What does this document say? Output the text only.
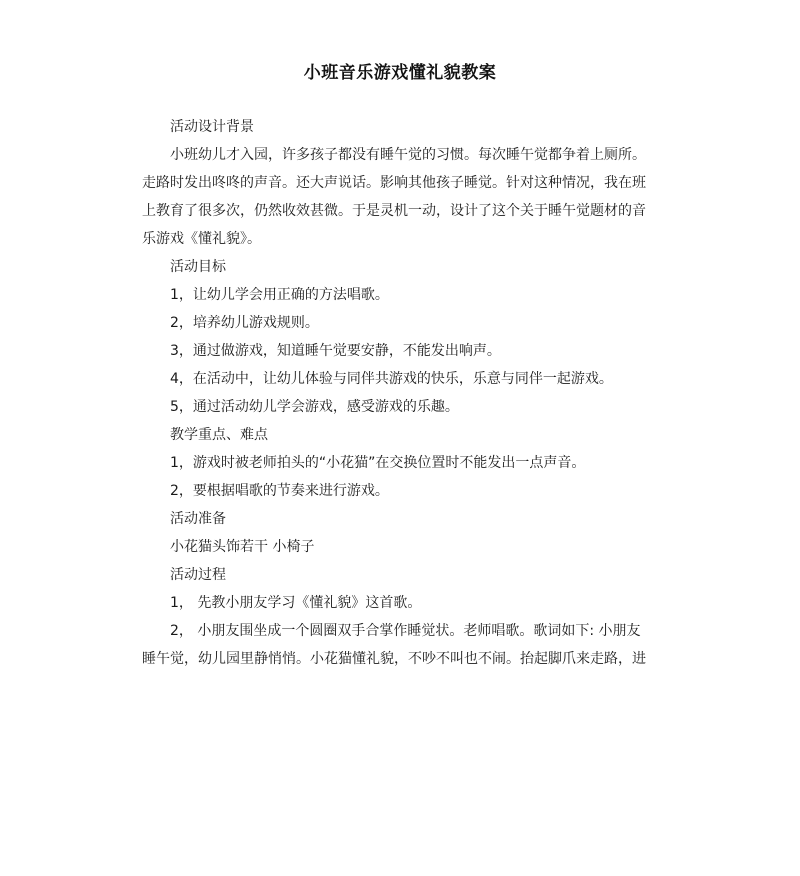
小班音乐游戏懂礼貌教案
活动设计背景
小班幼儿才入园，许多孩子都没有睡午觉的习惯。每次睡午觉都争着上厕所。
走路时发出咚咚的声音。还大声说话。影响其他孩子睡觉。针对这种情况，我在班
上教育了很多次，仍然收效甚微。于是灵机一动，设计了这个关于睡午觉题材的音
乐游戏《懂礼貌》。
活动目标
1，让幼儿学会用正确的方法唱歌。
2，培养幼儿游戏规则。
3，通过做游戏，知道睡午觉要安静，不能发出响声。
4，在活动中，让幼儿体验与同伴共游戏的快乐，乐意与同伴一起游戏。
5，通过活动幼儿学会游戏，感受游戏的乐趣。
教学重点、难点
1，游戏时被老师拍头的“小花猫”在交换位置时不能发出一点声音。
2，要根据唱歌的节奏来进行游戏。
活动准备
小花猫头饰若干 小椅子
活动过程
1， 先教小朋友学习《懂礼貌》这首歌。
2， 小朋友围坐成一个圆圈双手合掌作睡觉状。老师唱歌。歌词如下: 小朋友
睡午觉，幼儿园里静悄悄。小花猫懂礼貌，不吵不叫也不闹。抬起脚爪来走路，进
